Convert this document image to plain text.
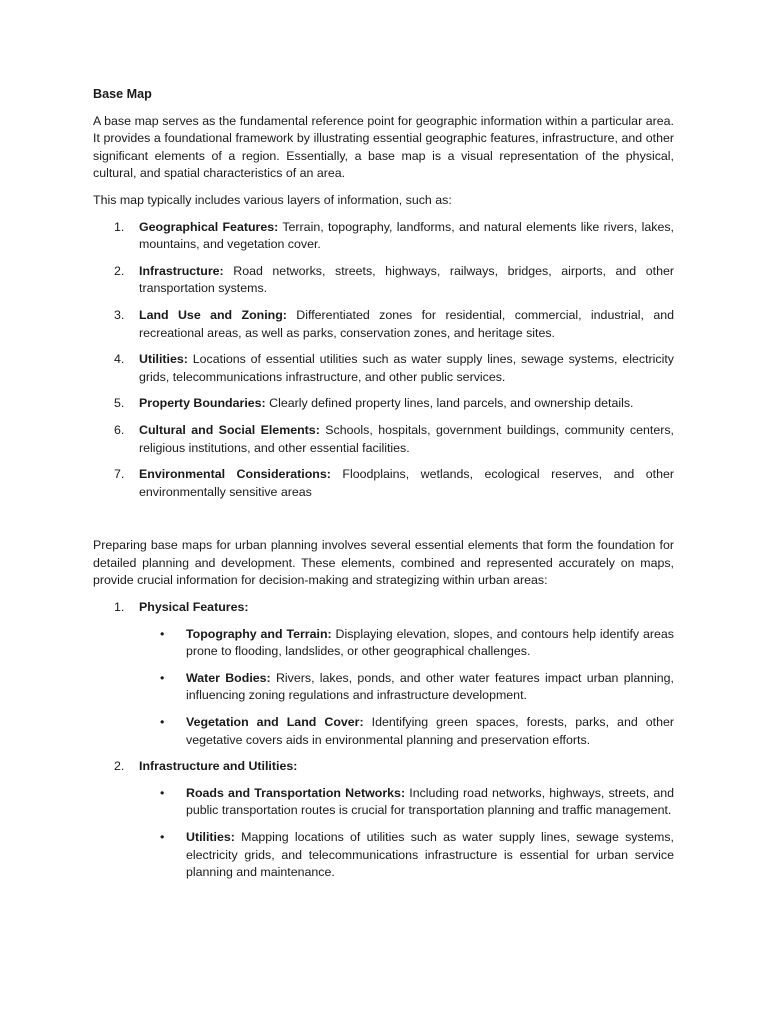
Base Map

A base map serves as the fundamental reference point for geographic information within a particular area. It provides a foundational framework by illustrating essential geographic features, infrastructure, and other significant elements of a region. Essentially, a base map is a visual representation of the physical, cultural, and spatial characteristics of an area.

This map typically includes various layers of information, such as:

1. Geographical Features: Terrain, topography, landforms, and natural elements like rivers, lakes, mountains, and vegetation cover.
2. Infrastructure: Road networks, streets, highways, railways, bridges, airports, and other transportation systems.
3. Land Use and Zoning: Differentiated zones for residential, commercial, industrial, and recreational areas, as well as parks, conservation zones, and heritage sites.
4. Utilities: Locations of essential utilities such as water supply lines, sewage systems, electricity grids, telecommunications infrastructure, and other public services.
5. Property Boundaries: Clearly defined property lines, land parcels, and ownership details.
6. Cultural and Social Elements: Schools, hospitals, government buildings, community centers, religious institutions, and other essential facilities.
7. Environmental Considerations: Floodplains, wetlands, ecological reserves, and other environmentally sensitive areas

Preparing base maps for urban planning involves several essential elements that form the foundation for detailed planning and development. These elements, combined and represented accurately on maps, provide crucial information for decision-making and strategizing within urban areas:

1. Physical Features:
• Topography and Terrain: Displaying elevation, slopes, and contours help identify areas prone to flooding, landslides, or other geographical challenges.
• Water Bodies: Rivers, lakes, ponds, and other water features impact urban planning, influencing zoning regulations and infrastructure development.
• Vegetation and Land Cover: Identifying green spaces, forests, parks, and other vegetative covers aids in environmental planning and preservation efforts.
2. Infrastructure and Utilities:
• Roads and Transportation Networks: Including road networks, highways, streets, and public transportation routes is crucial for transportation planning and traffic management.
• Utilities: Mapping locations of utilities such as water supply lines, sewage systems, electricity grids, and telecommunications infrastructure is essential for urban service planning and maintenance.
